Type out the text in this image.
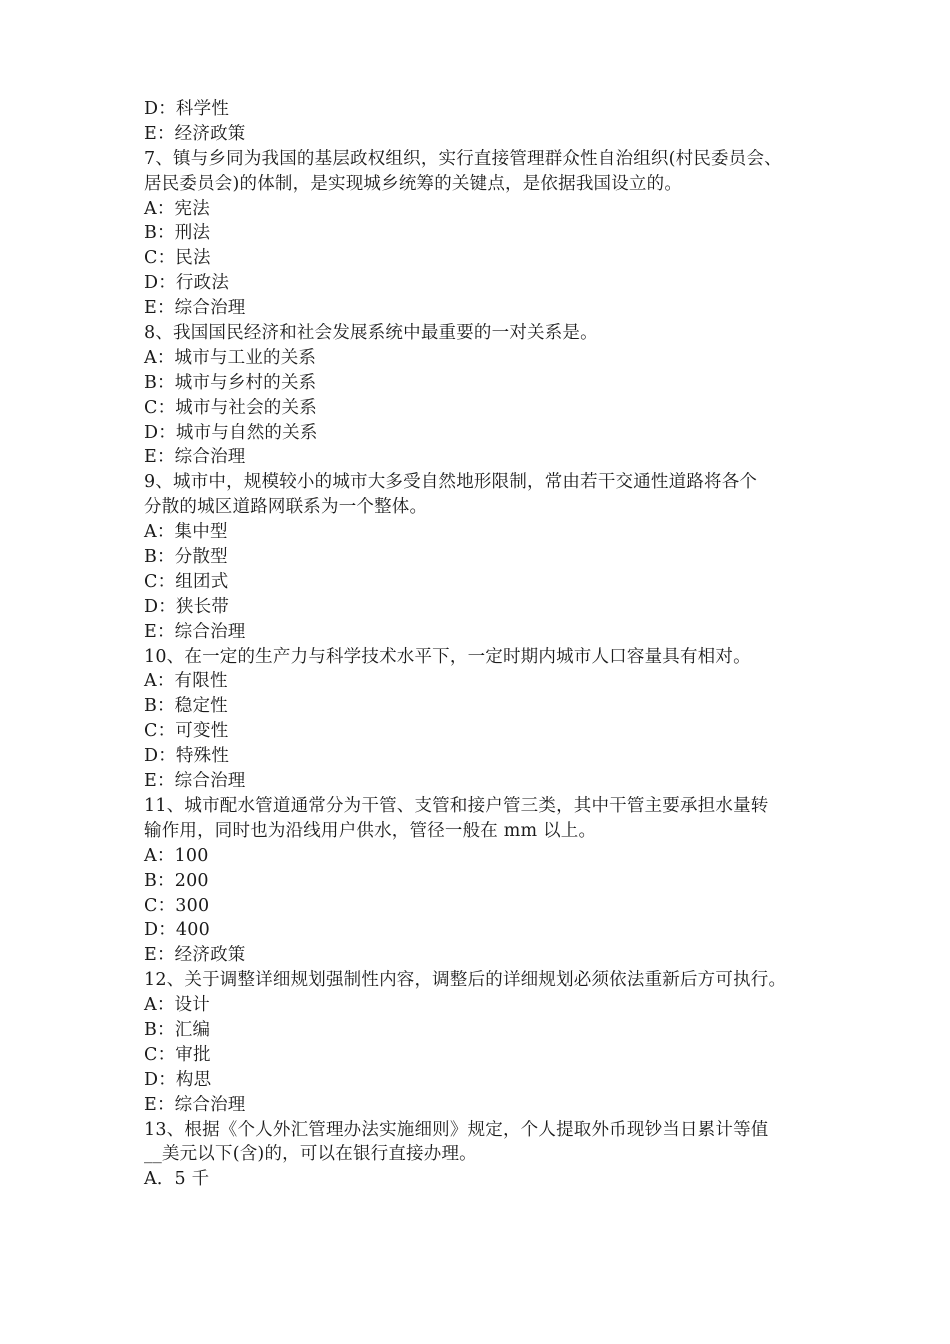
D：科学性
E：经济政策
7、镇与乡同为我国的基层政权组织，实行直接管理群众性自治组织(村民委员会、
居民委员会)的体制，是实现城乡统筹的关键点，是依据我国设立的。
A：宪法
B：刑法
C：民法
D：行政法
E：综合治理
8、我国国民经济和社会发展系统中最重要的一对关系是。
A：城市与工业的关系
B：城市与乡村的关系
C：城市与社会的关系
D：城市与自然的关系
E：综合治理
9、城市中，规模较小的城市大多受自然地形限制，常由若干交通性道路将各个
分散的城区道路网联系为一个整体。
A：集中型
B：分散型
C：组团式
D：狭长带
E：综合治理
10、在一定的生产力与科学技术水平下，一定时期内城市人口容量具有相对。
A：有限性
B：稳定性
C：可变性
D：特殊性
E：综合治理
11、城市配水管道通常分为干管、支管和接户管三类，其中干管主要承担水量转
输作用，同时也为沿线用户供水，管径一般在 mm 以上。
A：100
B：200
C：300
D：400
E：经济政策
12、关于调整详细规划强制性内容，调整后的详细规划必须依法重新后方可执行。
A：设计
B：汇编
C：审批
D：构思
E：综合治理
13、根据《个人外汇管理办法实施细则》规定，个人提取外币现钞当日累计等值
__美元以下(含)的，可以在银行直接办理。
A．5 千
